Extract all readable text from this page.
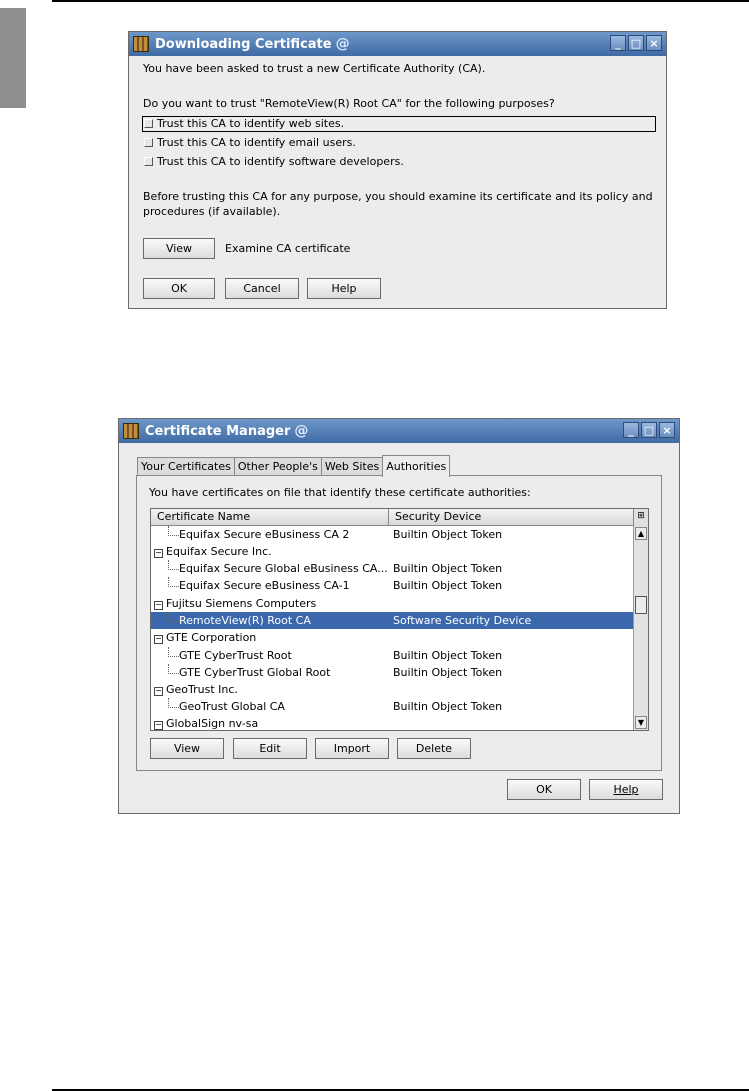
Downloading Certificate @	_ □ ×
You have been asked to trust a new Certificate Authority (CA).
Do you want to trust "RemoteView(R) Root CA" for the following purposes?
Trust this CA to identify web sites.
Trust this CA to identify email users.
Trust this CA to identify software developers.
Before trusting this CA for any purpose, you should examine its certificate and its policy and
procedures (if available).
View	Examine CA certificate
OK	Cancel	Help
Certificate Manager @	_ □ ×
Your Certificates Other People's Web Sites Authorities
You have certificates on file that identify these certificate authorities:
Certificate Name	Security Device	⊞
Equifax Secure eBusiness CA 2	Builtin Object Token
− Equifax Secure Inc.
Equifax Secure Global eBusiness CA... Builtin Object Token
Equifax Secure eBusiness CA-1	Builtin Object Token
− Fujitsu Siemens Computers
RemoteView(R) Root CA	Software Security Device
− GTE Corporation
GTE CyberTrust Root	Builtin Object Token
GTE CyberTrust Global Root	Builtin Object Token
− GeoTrust Inc.
GeoTrust Global CA	Builtin Object Token
− GlobalSign nv-sa
▲
▼
View	Edit	Import	Delete
OK	Help
